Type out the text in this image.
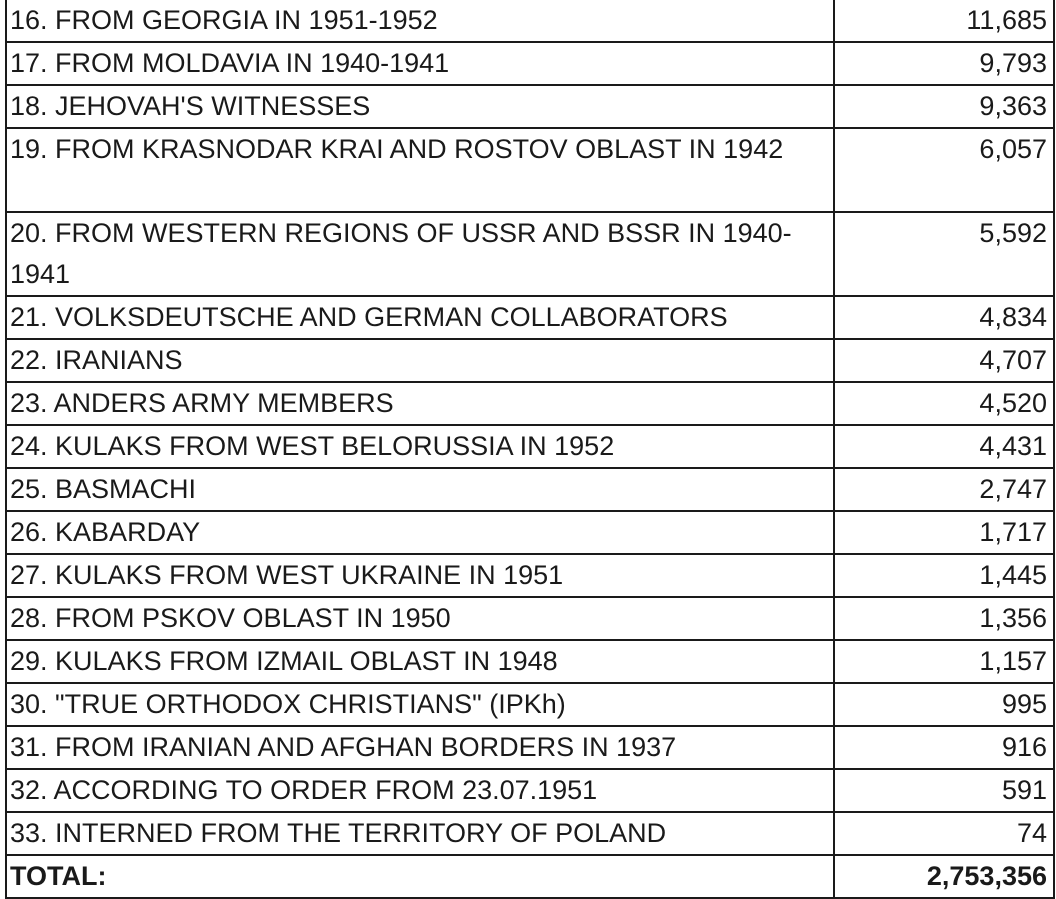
16. FROM GEORGIA IN 1951-1952	11,685
17. FROM MOLDAVIA IN 1940-1941	9,793
18. JEHOVAH'S WITNESSES	9,363
19. FROM KRASNODAR KRAI AND ROSTOV OBLAST IN 1942	6,057
20. FROM WESTERN REGIONS OF USSR AND BSSR IN 1940-1941	5,592
21. VOLKSDEUTSCHE AND GERMAN COLLABORATORS	4,834
22. IRANIANS	4,707
23. ANDERS ARMY MEMBERS	4,520
24. KULAKS FROM WEST BELORUSSIA IN 1952	4,431
25. BASMACHI	2,747
26. KABARDAY	1,717
27. KULAKS FROM WEST UKRAINE IN 1951	1,445
28. FROM PSKOV OBLAST IN 1950	1,356
29. KULAKS FROM IZMAIL OBLAST IN 1948	1,157
30. "TRUE ORTHODOX CHRISTIANS" (IPKh)	995
31. FROM IRANIAN AND AFGHAN BORDERS IN 1937	916
32. ACCORDING TO ORDER FROM 23.07.1951	591
33. INTERNED FROM THE TERRITORY OF POLAND	74
TOTAL:	2,753,356
